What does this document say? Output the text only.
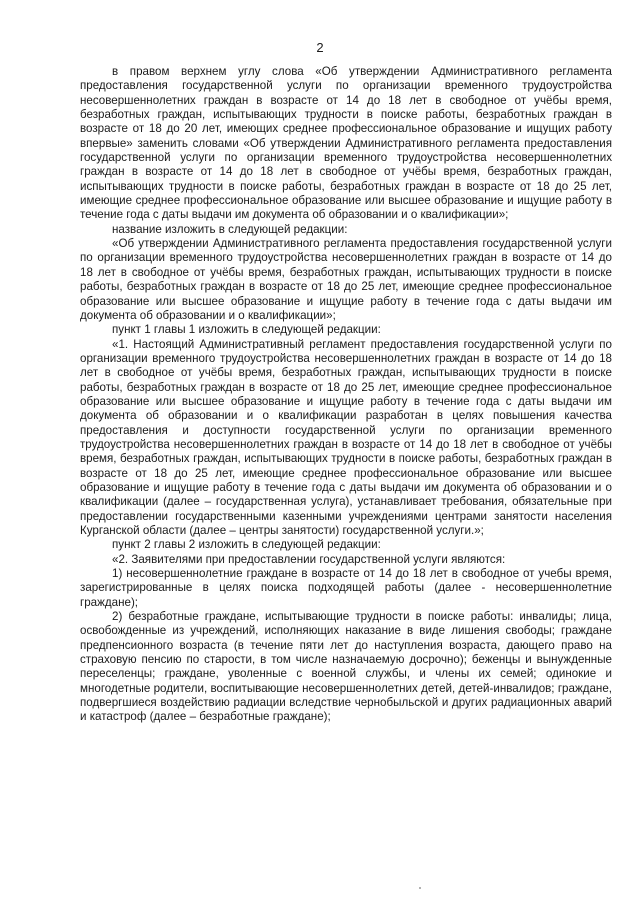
2

в правом верхнем углу слова «Об утверждении Административного регламента предоставления государственной услуги по организации временного трудоустройства несовершеннолетних граждан в возрасте от 14 до 18 лет в свободное от учёбы время, безработных граждан, испытывающих трудности в поиске работы, безработных граждан в возрасте от 18 до 20 лет, имеющих среднее профессиональное образование и ищущих работу впервые» заменить словами «Об утверждении Административного регламента предоставления государственной услуги по организации временного трудоустройства несовершеннолетних граждан в возрасте от 14 до 18 лет в свободное от учёбы время, безработных граждан, испытывающих трудности в поиске работы, безработных граждан в возрасте от 18 до 25 лет, имеющие среднее профессиональное образование или высшее образование и ищущие работу в течение года с даты выдачи им документа об образовании и о квалификации»;

название изложить в следующей редакции:

«Об утверждении Административного регламента предоставления государственной услуги по организации временного трудоустройства несовершеннолетних граждан в возрасте от 14 до 18 лет в свободное от учёбы время, безработных граждан, испытывающих трудности в поиске работы, безработных граждан в возрасте от 18 до 25 лет, имеющие среднее профессиональное образование или высшее образование и ищущие работу в течение года с даты выдачи им документа об образовании и о квалификации»;

пункт 1 главы 1 изложить в следующей редакции:

«1. Настоящий Административный регламент предоставления государственной услуги по организации временного трудоустройства несовершеннолетних граждан в возрасте от 14 до 18 лет в свободное от учёбы время, безработных граждан, испытывающих трудности в поиске работы, безработных граждан в возрасте от 18 до 25 лет, имеющие среднее профессиональное образование или высшее образование и ищущие работу в течение года с даты выдачи им документа об образовании и о квалификации разработан в целях повышения качества предоставления и доступности государственной услуги по организации временного трудоустройства несовершеннолетних граждан в возрасте от 14 до 18 лет в свободное от учёбы время, безработных граждан, испытывающих трудности в поиске работы, безработных граждан в возрасте от 18 до 25 лет, имеющие среднее профессиональное образование или высшее образование и ищущие работу в течение года с даты выдачи им документа об образовании и о квалификации (далее – государственная услуга), устанавливает требования, обязательные при предоставлении государственными казенными учреждениями центрами занятости населения Курганской области (далее – центры занятости) государственной услуги.»;

пункт 2 главы 2 изложить в следующей редакции:

«2. Заявителями при предоставлении государственной услуги являются:

1) несовершеннолетние граждане в возрасте от 14 до 18 лет в свободное от учебы время, зарегистрированные в целях поиска подходящей работы (далее - несовершеннолетние граждане);

2) безработные граждане, испытывающие трудности в поиске работы: инвалиды; лица, освобожденные из учреждений, исполняющих наказание в виде лишения свободы; граждане предпенсионного возраста (в течение пяти лет до наступления возраста, дающего право на страховую пенсию по старости, в том числе назначаемую досрочно); беженцы и вынужденные переселенцы; граждане, уволенные с военной службы, и члены их семей; одинокие и многодетные родители, воспитывающие несовершеннолетних детей, детей-инвалидов; граждане, подвергшиеся воздействию радиации вследствие чернобыльской и других радиационных аварий и катастроф (далее – безработные граждане);
